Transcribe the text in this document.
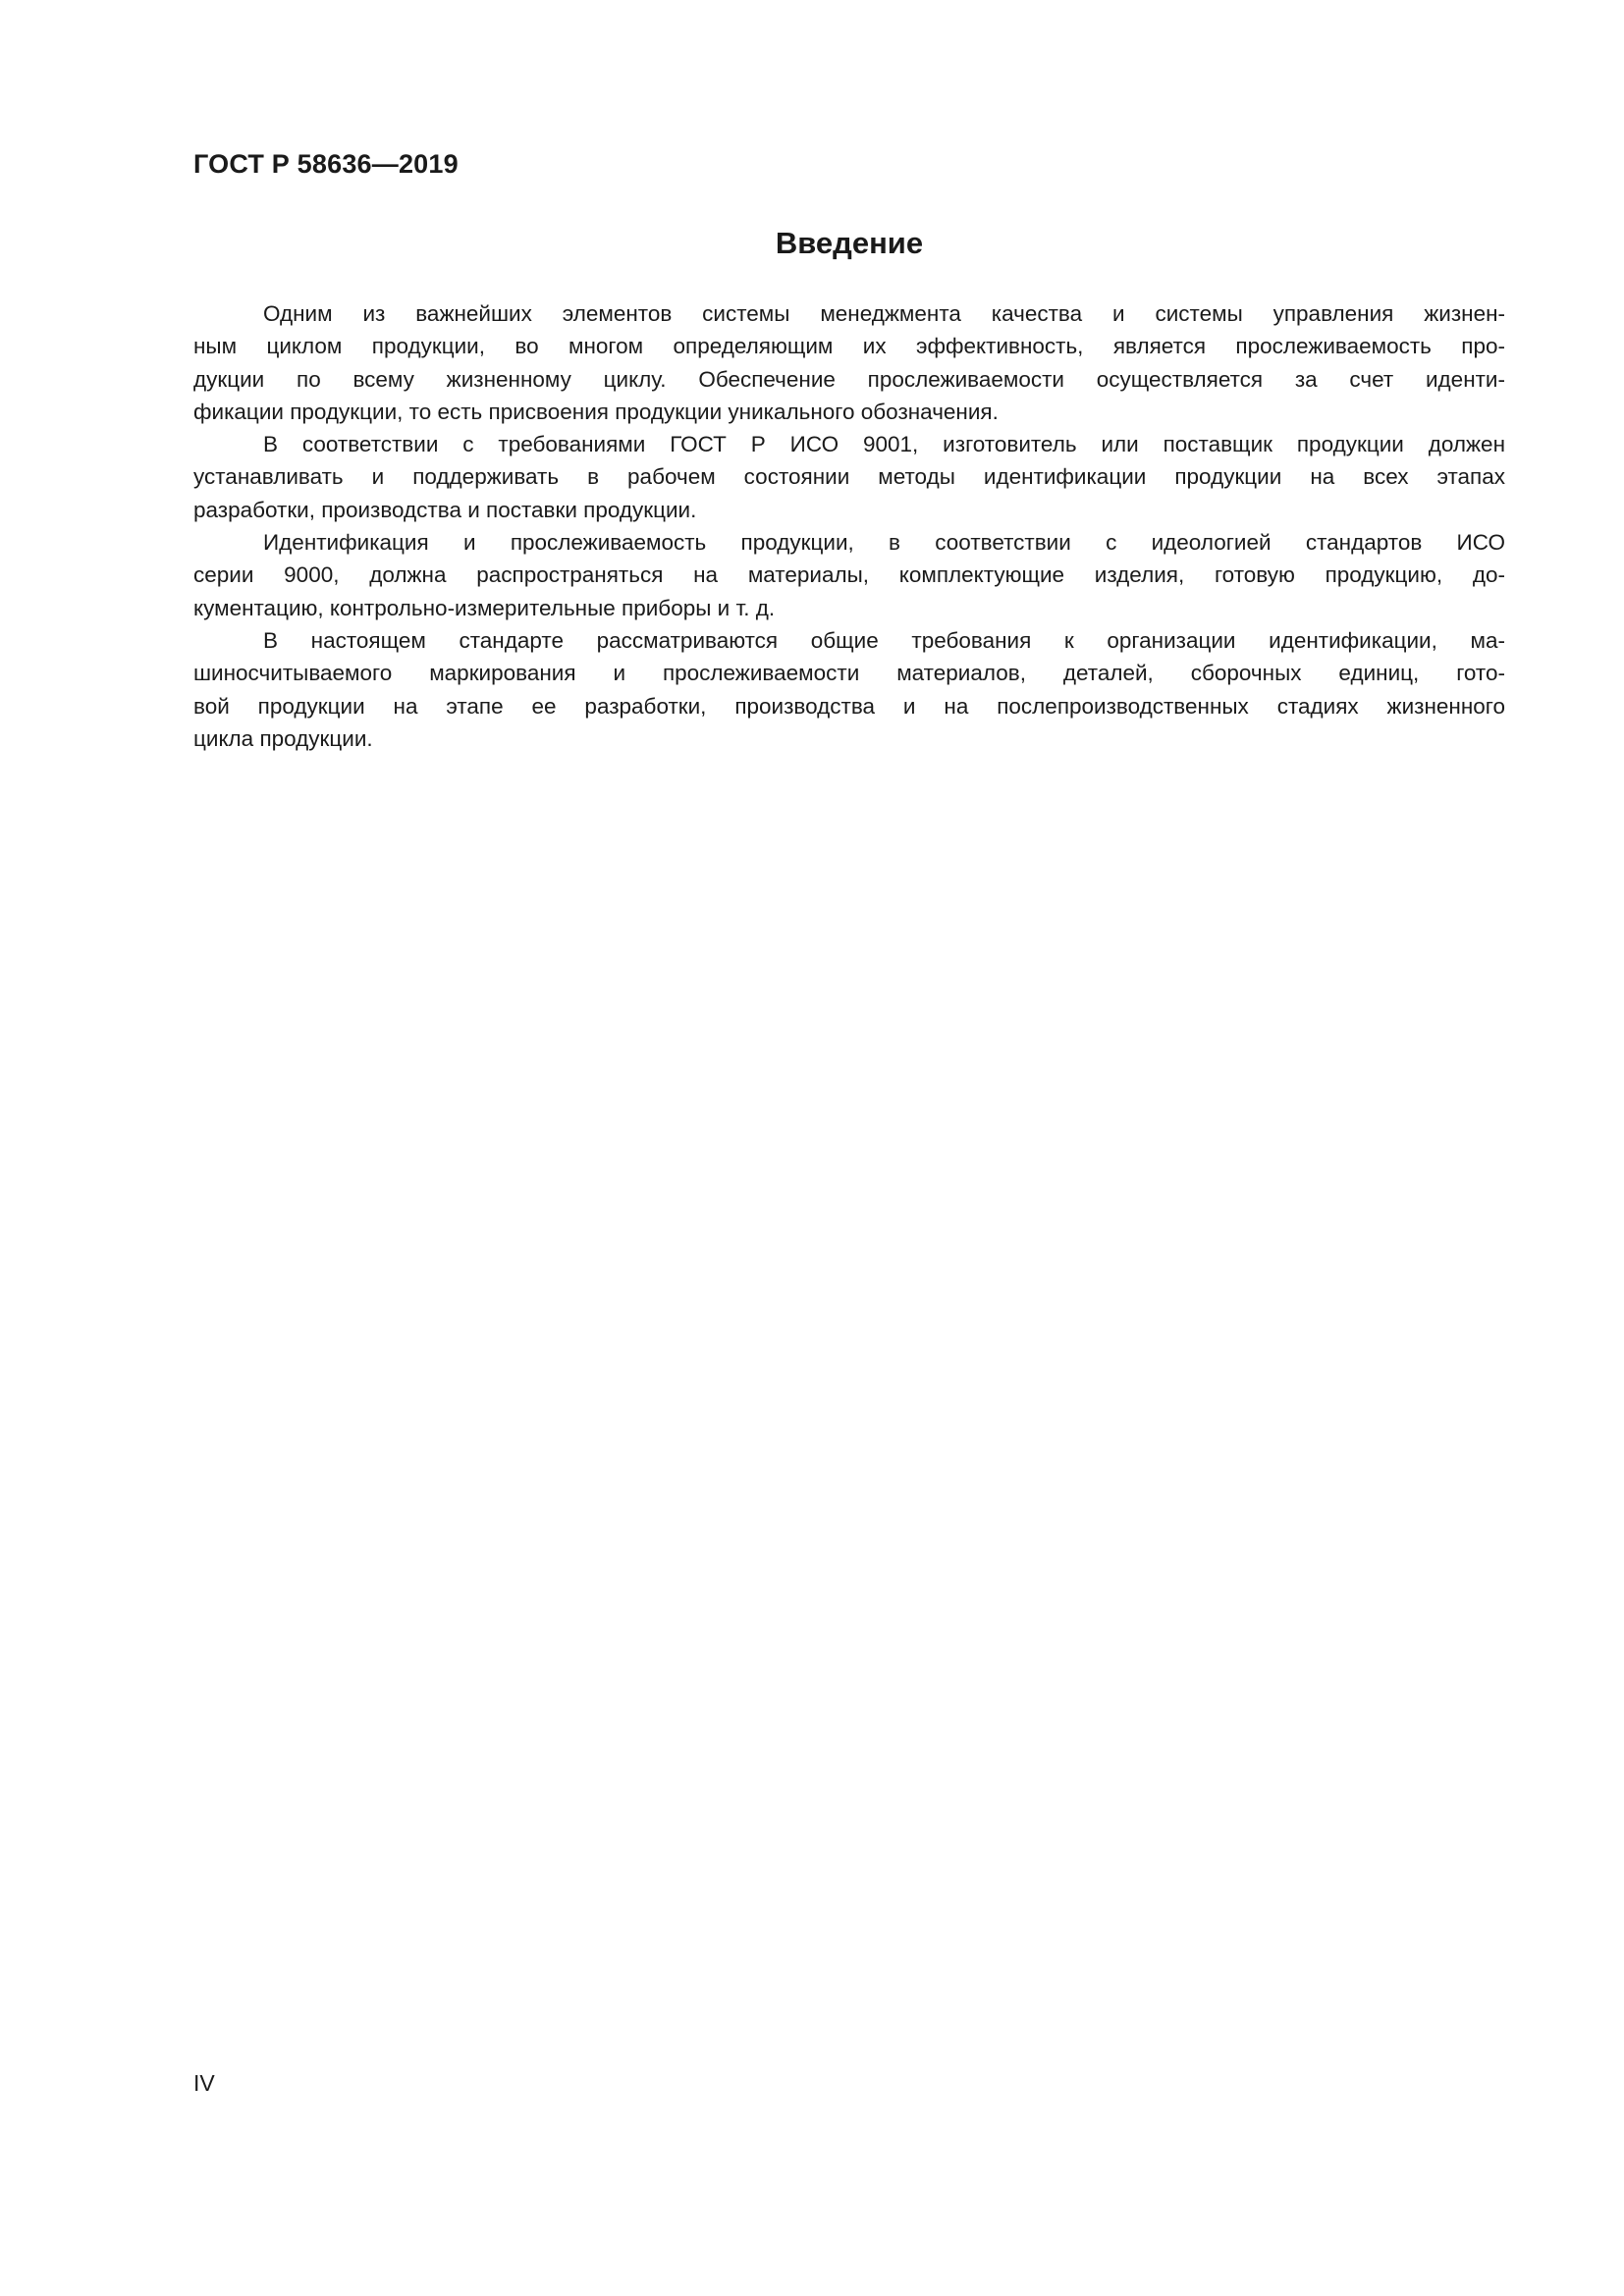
ГОСТ Р 58636—2019
Введение
Одним из важнейших элементов системы менеджмента качества и системы управления жизнен-
ным циклом продукции, во многом определяющим их эффективность, является прослеживаемость про-
дукции по всему жизненному циклу. Обеспечение прослеживаемости осуществляется за счет иденти-
фикации продукции, то есть присвоения продукции уникального обозначения.
В соответствии с требованиями ГОСТ Р ИСО 9001, изготовитель или поставщик продукции должен
устанавливать и поддерживать в рабочем состоянии методы идентификации продукции на всех этапах
разработки, производства и поставки продукции.
Идентификация и прослеживаемость продукции, в соответствии с идеологией стандартов ИСО
серии 9000, должна распространяться на материалы, комплектующие изделия, готовую продукцию, до-
кументацию, контрольно-измерительные приборы и т. д.
В настоящем стандарте рассматриваются общие требования к организации идентификации, ма-
шиносчитываемого маркирования и прослеживаемости материалов, деталей, сборочных единиц, гото-
вой продукции на этапе ее разработки, производства и на послепроизводственных стадиях жизненного
цикла продукции.
IV
